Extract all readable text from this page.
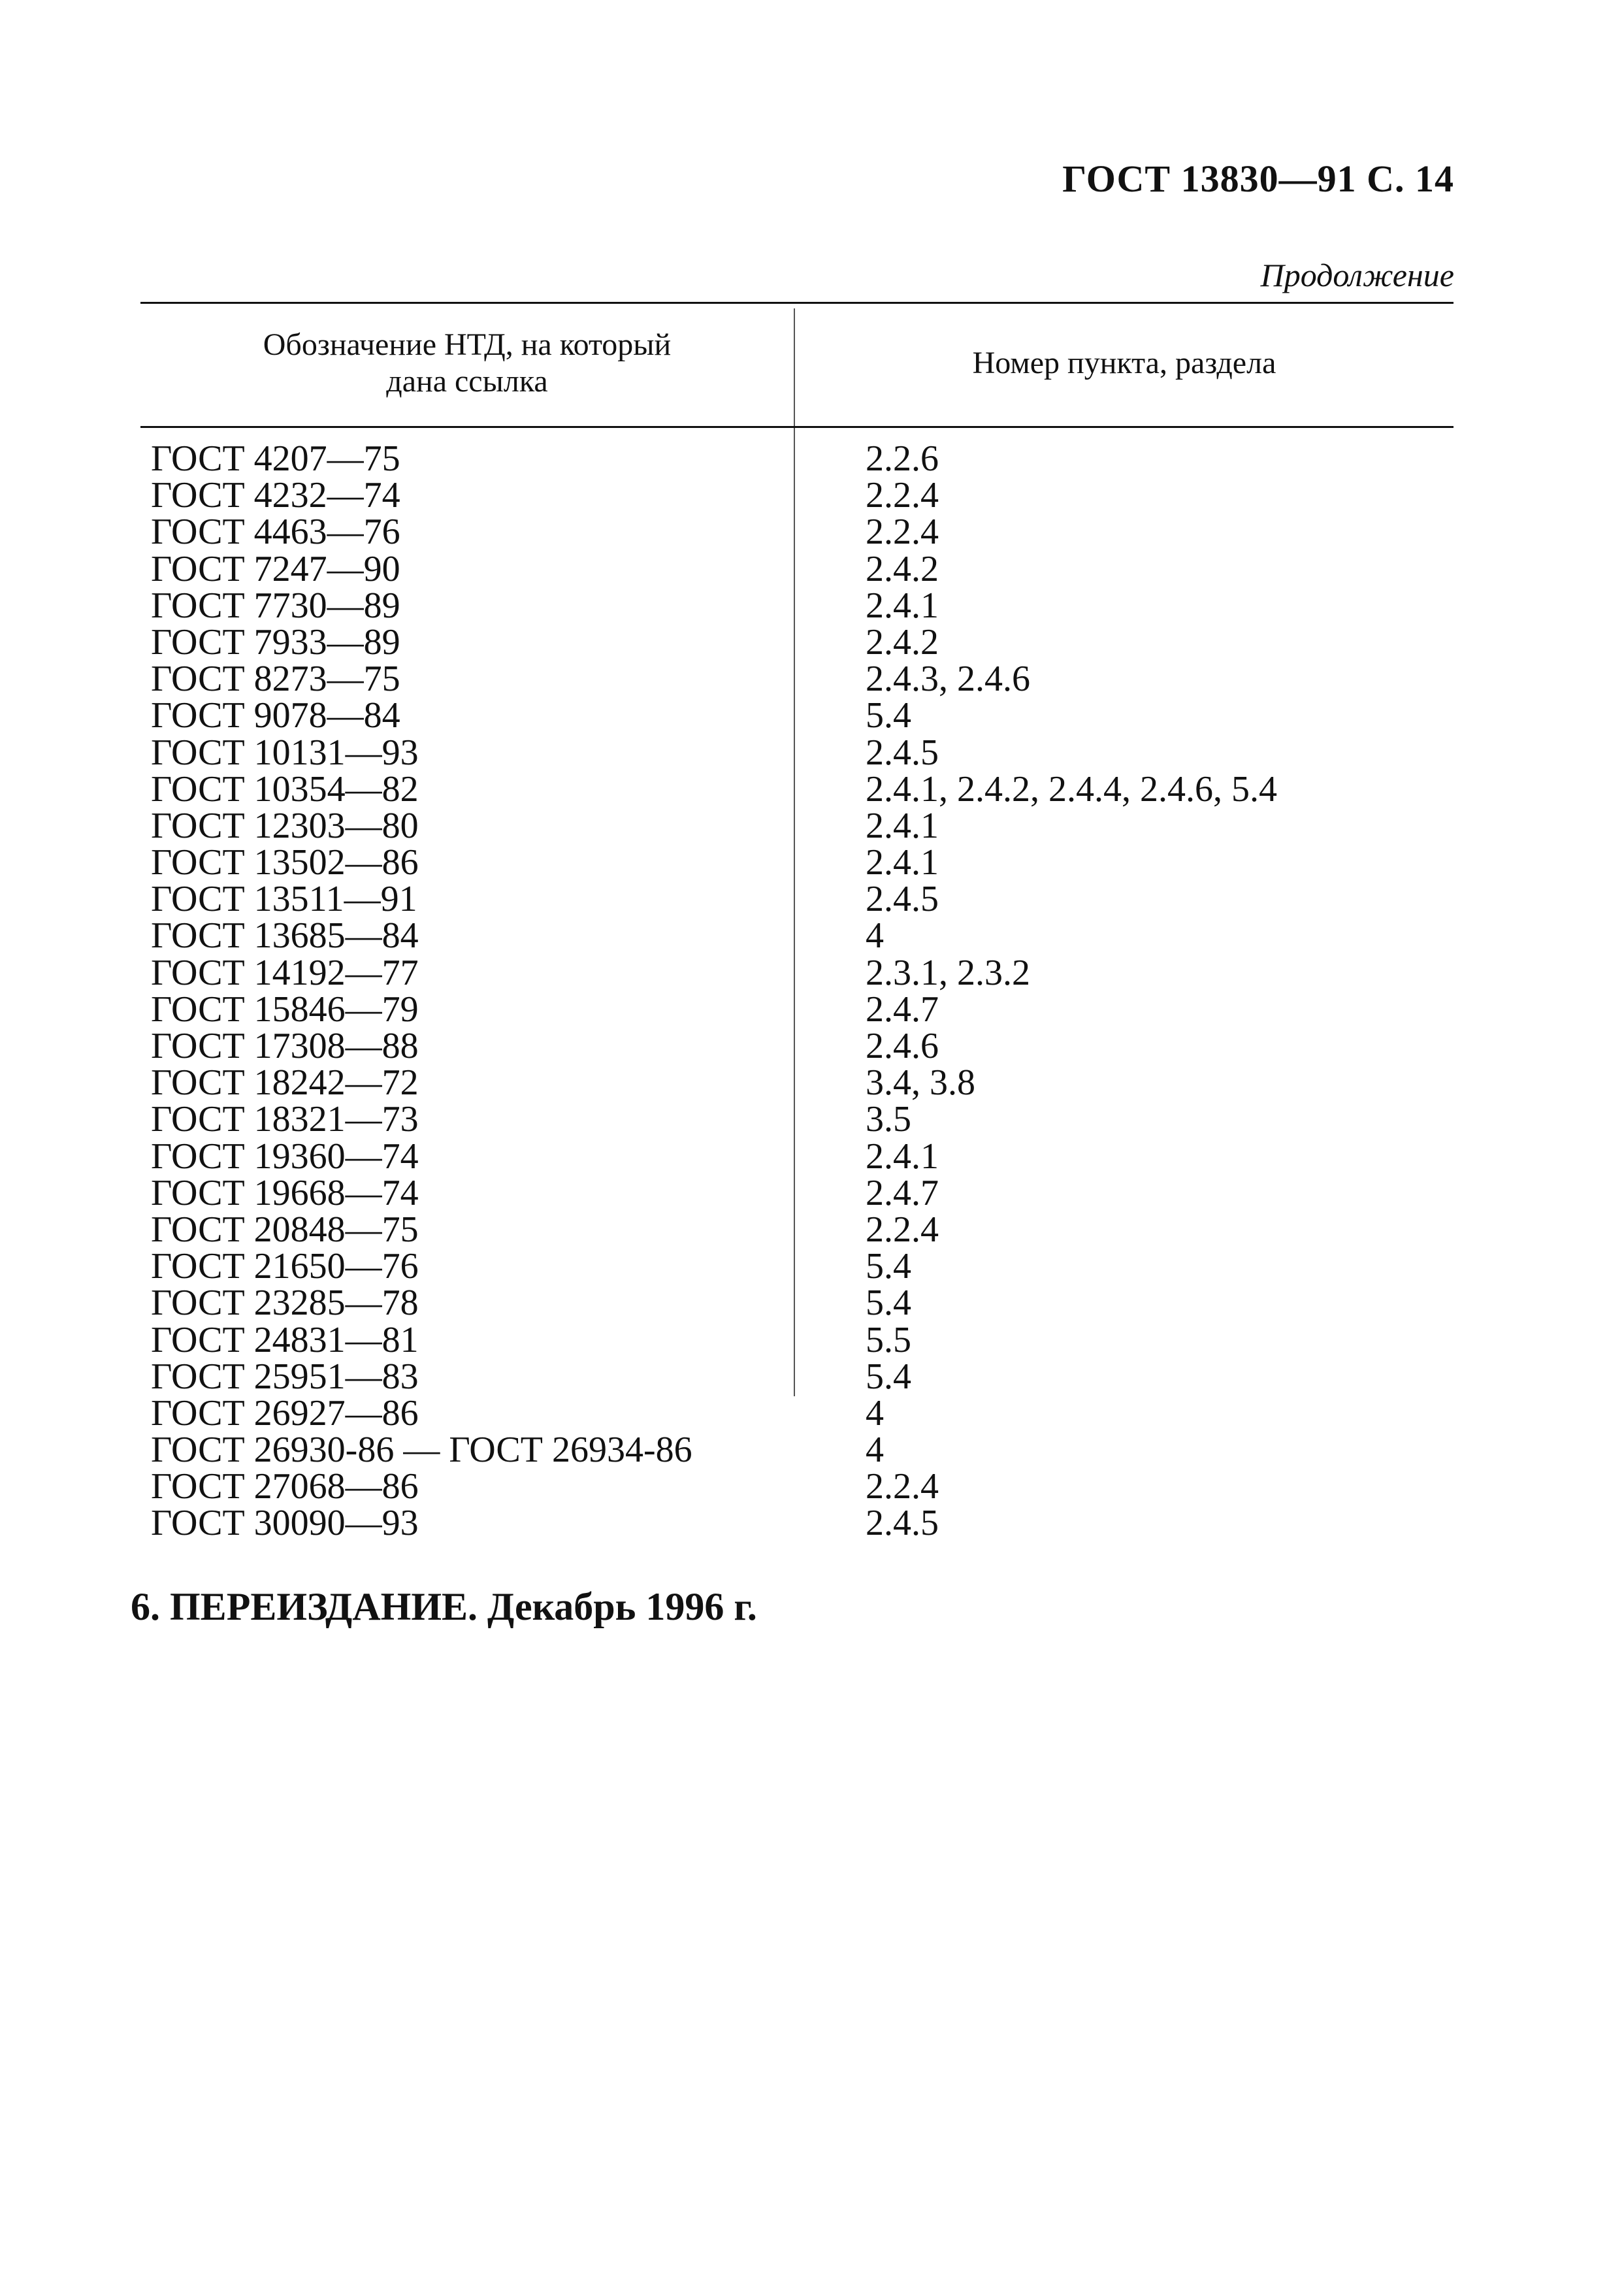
ГОСТ 13830—91 С. 14
Продолжение
Обозначение НТД, на который
дана ссылка
Номер пункта, раздела
ГОСТ 4207—75	2.2.6
ГОСТ 4232—74	2.2.4
ГОСТ 4463—76	2.2.4
ГОСТ 7247—90	2.4.2
ГОСТ 7730—89	2.4.1
ГОСТ 7933—89	2.4.2
ГОСТ 8273—75	2.4.3, 2.4.6
ГОСТ 9078—84	5.4
ГОСТ 10131—93	2.4.5
ГОСТ 10354—82	2.4.1, 2.4.2, 2.4.4, 2.4.6, 5.4
ГОСТ 12303—80	2.4.1
ГОСТ 13502—86	2.4.1
ГОСТ 13511—91	2.4.5
ГОСТ 13685—84	4
ГОСТ 14192—77	2.3.1, 2.3.2
ГОСТ 15846—79	2.4.7
ГОСТ 17308—88	2.4.6
ГОСТ 18242—72	3.4, 3.8
ГОСТ 18321—73	3.5
ГОСТ 19360—74	2.4.1
ГОСТ 19668—74	2.4.7
ГОСТ 20848—75	2.2.4
ГОСТ 21650—76	5.4
ГОСТ 23285—78	5.4
ГОСТ 24831—81	5.5
ГОСТ 25951—83	5.4
ГОСТ 26927—86	4
ГОСТ 26930-86 — ГОСТ 26934-86	4
ГОСТ 27068—86	2.2.4
ГОСТ 30090—93	2.4.5
6. ПЕРЕИЗДАНИЕ. Декабрь 1996 г.
